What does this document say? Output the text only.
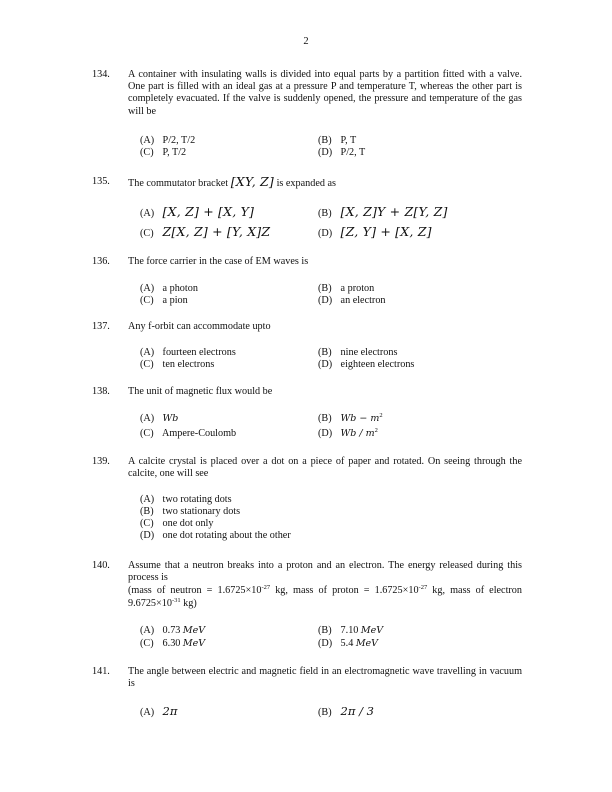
2
134. A container with insulating walls is divided into equal parts by a partition fitted with a valve. One part is filled with an ideal gas at a pressure P and temperature T, whereas the other part is completely evacuated. If the valve is suddenly opened, the pressure and temperature of the gas will be
(A) P/2, T/2	(B) P, T
(C) P, T/2	(D) P/2, T
135. The commutator bracket [XY, Z] is expanded as
(A) [X, Z] + [X, Y]	(B) [X, Z]Y + Z[Y, Z]
(C) Z[X, Z] + [Y, X]Z	(D) [Z, Y] + [X, Z]
136. The force carrier in the case of EM waves is
(A) a photon	(B) a proton
(C) a pion	(D) an electron
137. Any f-orbit can accommodate upto
(A) fourteen electrons	(B) nine electrons
(C) ten electrons	(D) eighteen electrons
138. The unit of magnetic flux would be
(A) Wb	(B) $Wb - m^2$
(C) Ampere-Coulomb	(D) Wb / $m^2$
139. A calcite crystal is placed over a dot on a piece of paper and rotated. On seeing through the calcite, one will see
(A) two rotating dots
(B) two stationary dots
(C) one dot only
(D) one dot rotating about the other
140. Assume that a neutron breaks into a proton and an electron. The energy released during this process is

(mass of neutron = $1.6725\times 10^{-27}$ kg, mass of proton = $1.6725\times 10^{-27}$ kg, mass of electron $9.6725\times 10^{-31}$ kg)

(A) 0.73 MeV	(B) 7.10 MeV
(C) 6.30 MeV	(D) 5.4 MeV
141. The angle between electric and magnetic field in an electromagnetic wave travelling in vacuum is
(A) 2π	(B) 2π / 3
